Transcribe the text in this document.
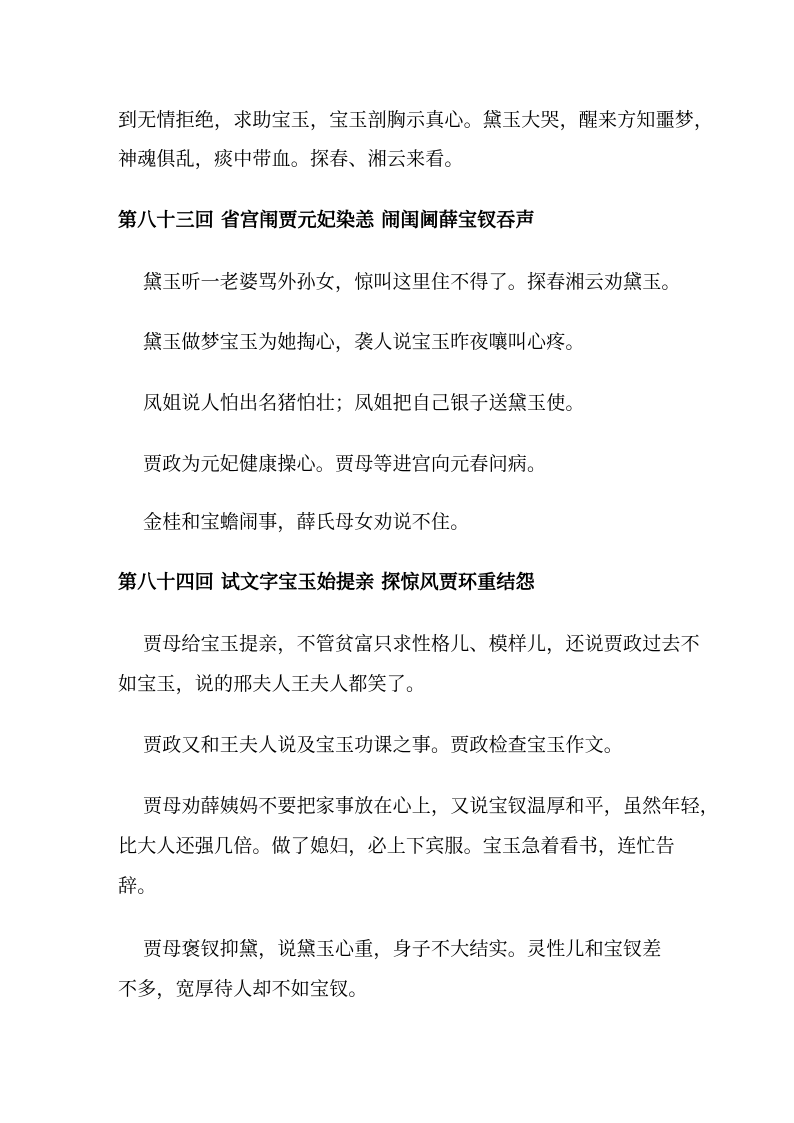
到无情拒绝，求助宝玉，宝玉剖胸示真心。黛玉大哭，醒来方知噩梦，

神魂俱乱，痰中带血。探春、湘云来看。

第八十三回 省宫闱贾元妃染恙 闹闺阃薛宝钗吞声

黛玉听一老婆骂外孙女，惊叫这里住不得了。探春湘云劝黛玉。

黛玉做梦宝玉为她掏心，袭人说宝玉昨夜嚷叫心疼。

凤姐说人怕出名猪怕壮；凤姐把自己银子送黛玉使。

贾政为元妃健康操心。贾母等进宫向元春问病。

金桂和宝蟾闹事，薛氏母女劝说不住。

第八十四回 试文字宝玉始提亲 探惊风贾环重结怨

贾母给宝玉提亲，不管贫富只求性格儿、模样儿，还说贾政过去不

如宝玉，说的邢夫人王夫人都笑了。

贾政又和王夫人说及宝玉功课之事。贾政检查宝玉作文。

贾母劝薛姨妈不要把家事放在心上，又说宝钗温厚和平，虽然年轻，

比大人还强几倍。做了媳妇，必上下宾服。宝玉急着看书，连忙告

辞。

贾母褒钗抑黛，说黛玉心重，身子不大结实。灵性儿和宝钗差

不多，宽厚待人却不如宝钗。
